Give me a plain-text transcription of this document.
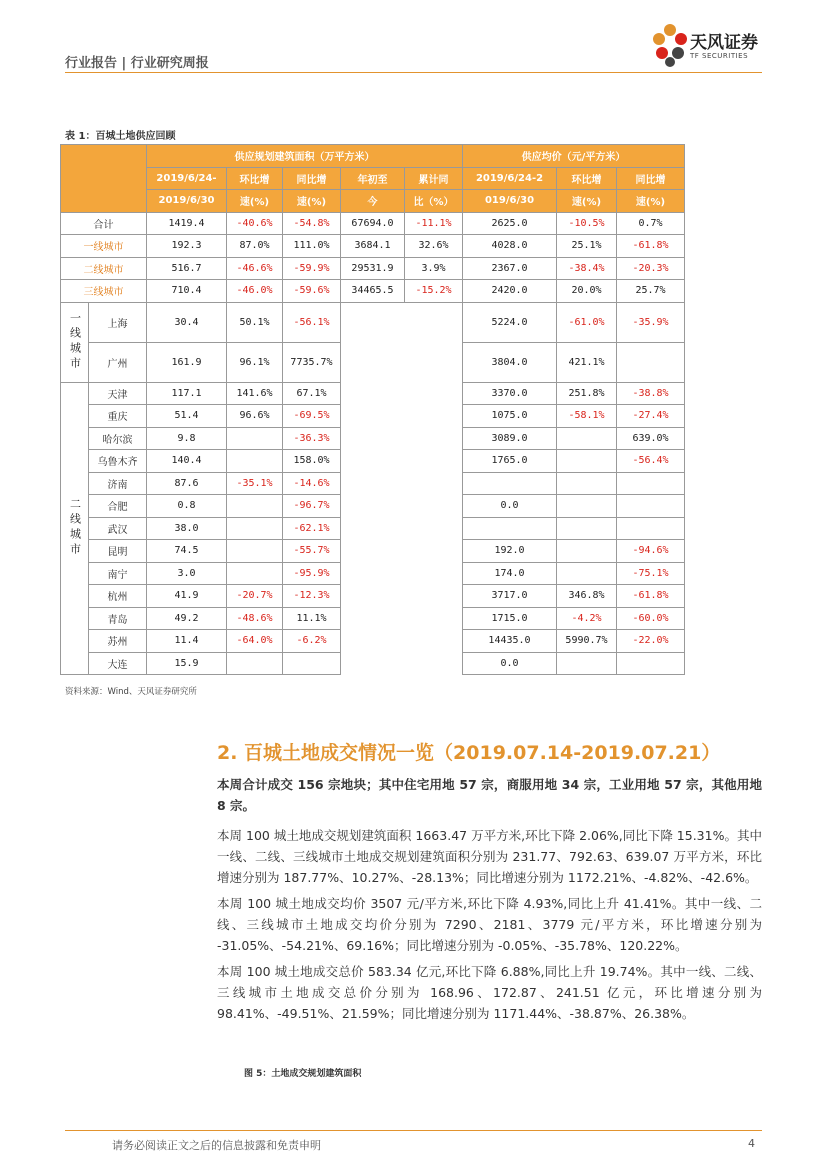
行业报告 | 行业研究周报
天风证券
TF SECURITIES
表 1：百城土地供应回顾
		供应规划建筑面积（万平方米）					供应均价（元/平方米）		
		2019/6/24-	环比增	同比增	年初至	累计同	2019/6/24-2	环比增	同比增
		2019/6/30	速(%)	速(%)	今	比（%）	019/6/30	速(%)	速(%)
合计		1419.4	-40.6%	-54.8%	67694.0	-11.1%	2625.0	-10.5%	0.7%
一线城市		192.3	87.0%	111.0%	3684.1	32.6%	4028.0	25.1%	-61.8%
二线城市		516.7	-46.6%	-59.9%	29531.9	3.9%	2367.0	-38.4%	-20.3%
三线城市		710.4	-46.0%	-59.6%	34465.5	-15.2%	2420.0	20.0%	25.7%
一线城市	上海	30.4	50.1%	-56.1%			5224.0	-61.0%	-35.9%
	广州	161.9	96.1%	7735.7%			3804.0	421.1%	
二线城市	天津	117.1	141.6%	67.1%			3370.0	251.8%	-38.8%
	重庆	51.4	96.6%	-69.5%			1075.0	-58.1%	-27.4%
	哈尔滨	9.8		-36.3%			3089.0		639.0%
	乌鲁木齐	140.4		158.0%			1765.0		-56.4%
	济南	87.6	-35.1%	-14.6%					
	合肥	0.8		-96.7%			0.0		
	武汉	38.0		-62.1%					
	昆明	74.5		-55.7%			192.0		-94.6%
	南宁	3.0		-95.9%			174.0		-75.1%
	杭州	41.9	-20.7%	-12.3%			3717.0	346.8%	-61.8%
	青岛	49.2	-48.6%	11.1%			1715.0	-4.2%	-60.0%
	苏州	11.4	-64.0%	-6.2%			14435.0	5990.7%	-22.0%
	大连	15.9					0.0		
资料来源：Wind、天风证券研究所
2. 百城土地成交情况一览（2019.07.14-2019.07.21）
本周合计成交 156 宗地块；其中住宅用地 57 宗，商服用地 34 宗，工业用地 57 宗，其他用地 8 宗。
本周 100 城土地成交规划建筑面积 1663.47 万平方米,环比下降 2.06%,同比下降 15.31%。其中一线、二线、三线城市土地成交规划建筑面积分别为 231.77、792.63、639.07 万平方米，环比增速分别为 187.77%、10.27%、-28.13%；同比增速分别为 1172.21%、-4.82%、-42.6%。
本周 100 城土地成交均价 3507 元/平方米,环比下降 4.93%,同比上升 41.41%。其中一线、二线、三线城市土地成交均价分别为 7290、2181、3779 元/平方米，环比增速分别为 -31.05%、-54.21%、69.16%；同比增速分别为 -0.05%、-35.78%、120.22%。
本周 100 城土地成交总价 583.34 亿元,环比下降 6.88%,同比上升 19.74%。其中一线、二线、三线城市土地成交总价分别为 168.96、172.87、241.51 亿元，环比增速分别为 98.41%、-49.51%、21.59%；同比增速分别为 1171.44%、-38.87%、26.38%。
图 5：土地成交规划建筑面积
请务必阅读正文之后的信息披露和免责申明	4
